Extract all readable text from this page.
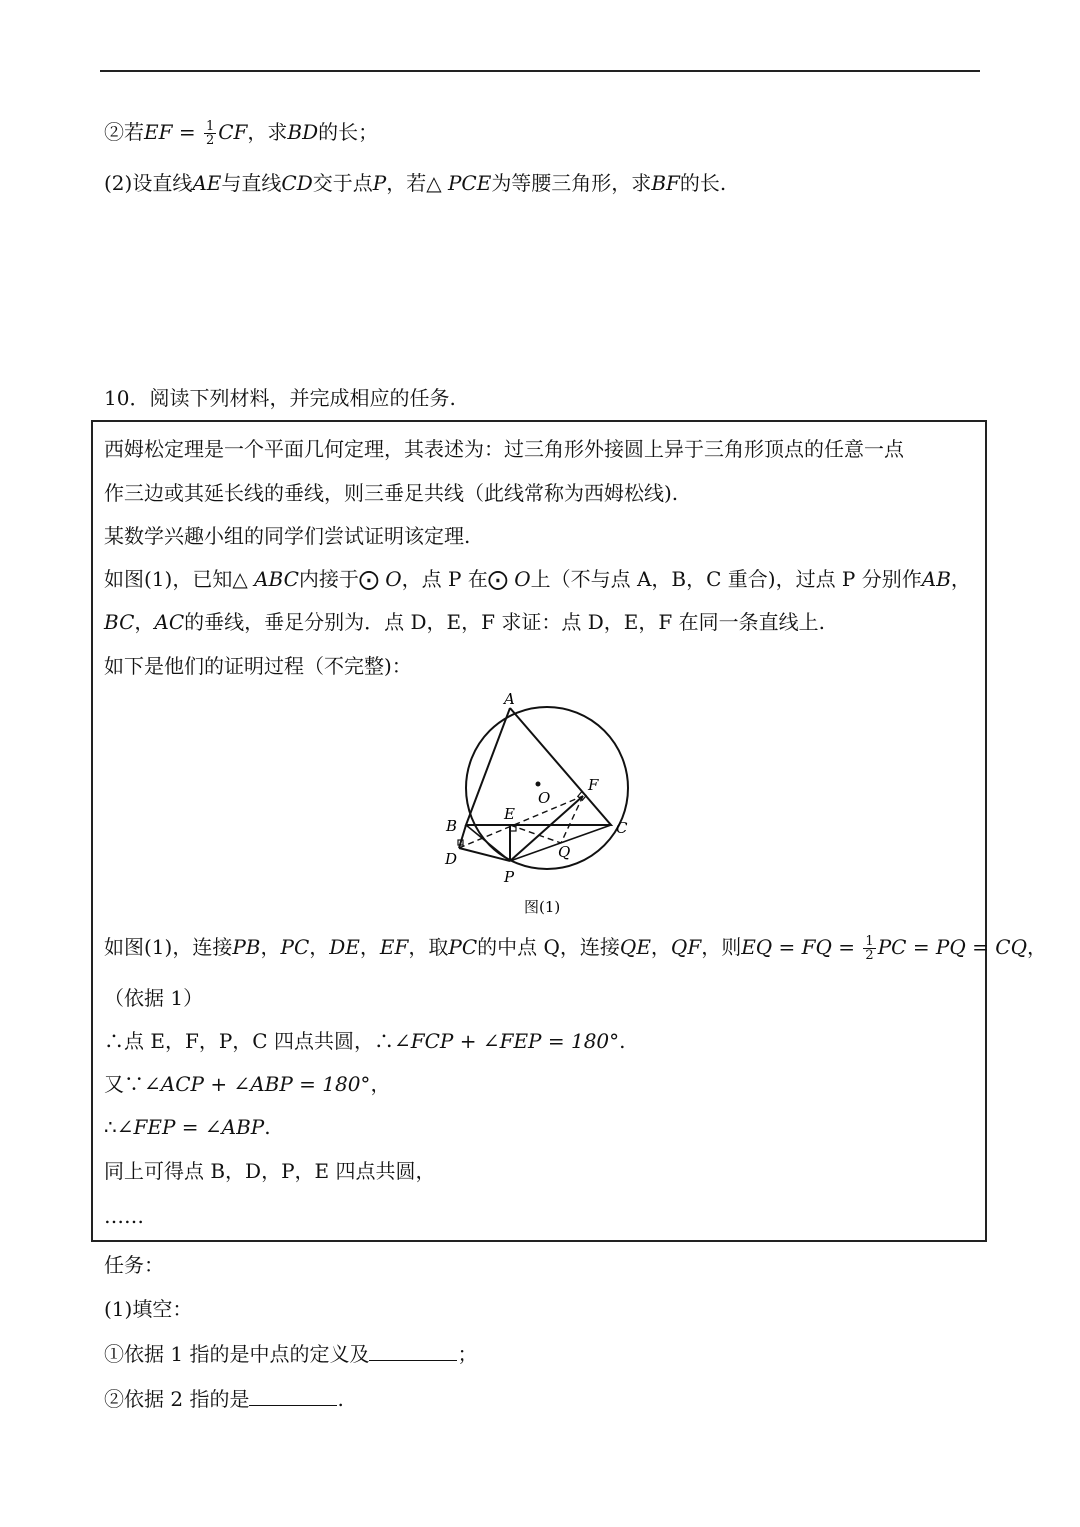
②若EF = $\frac{1}{2}$ CF，求BD的长；
(2)设直线AE与直线CD交于点P，若△ PCE为等腰三角形，求BF的长.
10．阅读下列材料，并完成相应的任务.
西姆松定理是一个平面几何定理，其表述为：过三角形外接圆上异于三角形顶点的任意一点
作三边或其延长线的垂线，则三垂足共线（此线常称为西姆松线).
某数学兴趣小组的同学们尝试证明该定理.
如图(1)，已知△ ABC内接于⨀ O，点 P 在⨀ O上（不与点 A，B，C 重合)，过点 P 分别作AB，
BC，AC的垂线，垂足分别为．点 D，E，F 求证：点 D，E，F 在同一条直线上.
如下是他们的证明过程（不完整)：
A
B	C
D
E
F
O
P
Q
图(1)
如图(1)，连接PB，PC，DE，EF，取PC的中点 Q，连接QE，QF，则EQ = FQ = $\frac{1}{2}$ PC = PQ = CQ，
（依据 1）
∴点 E，F，P，C 四点共圆，∴∠FCP + ∠FEP = 180°.
又∵∠ACP + ∠ABP = 180°，
∴∠FEP = ∠ABP.
同上可得点 B，D，P，E 四点共圆，
……
任务：
(1)填空：
①依据 1 指的是中点的定义及	；
②依据 2 指的是	.
